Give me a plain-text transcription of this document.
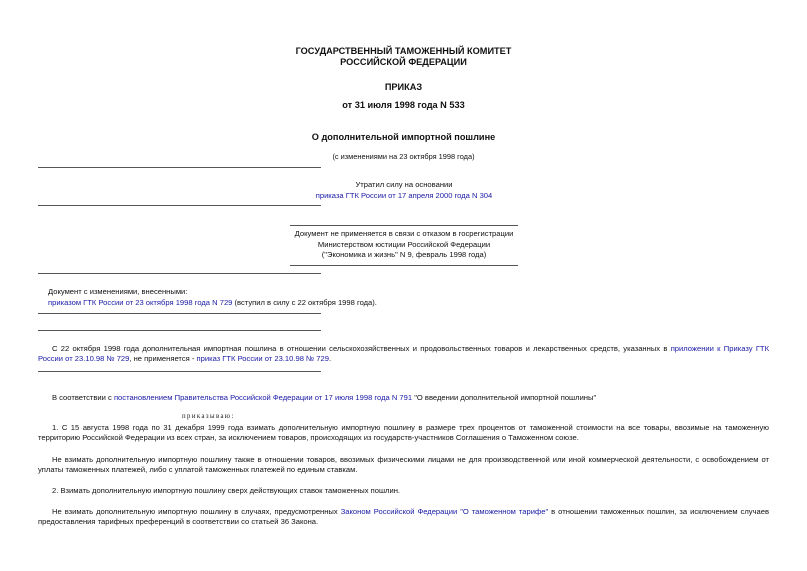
ГОСУДАРСТВЕННЫЙ ТАМОЖЕННЫЙ КОМИТЕТ
РОССИЙСКОЙ ФЕДЕРАЦИИ
ПРИКАЗ
от 31 июля 1998 года N 533
О дополнительной импортной пошлине
(с изменениями на 23 октября 1998 года)
Утратил силу на основании
приказа ГТК России от 17 апреля 2000 года N 304
Документ не применяется в связи с отказом в госрегистрации
Министерством юстиции Российской Федерации
("Экономика и жизнь" N 9, февраль 1998 года)
Документ с изменениями, внесенными:
приказом ГТК России от 23 октября 1998 года N 729 (вступил в силу с 22 октября 1998 года).

С 22 октября 1998 года дополнительная импортная пошлина в отношении сельскохозяйственных и продовольственных товаров и лекарственных средств, указанных в приложении к Приказу ГТК России от 23.10.98 № 729, не применяется - приказ ГТК России от 23.10.98 № 729.

В соответствии с постановлением Правительства Российской Федерации от 17 июля 1998 года N 791 "О введении дополнительной импортной пошлины"

приказываю:

1. С 15 августа 1998 года по 31 декабря 1999 года взимать дополнительную импортную пошлину в размере трех процентов от таможенной стоимости на все товары, ввозимые на таможенную территорию Российской Федерации из всех стран, за исключением товаров, происходящих из государств-участников Соглашения о Таможенном союзе.

Не взимать дополнительную импортную пошлину также в отношении товаров, ввозимых физическими лицами не для производственной или иной коммерческой деятельности, с освобождением от уплаты таможенных платежей, либо с уплатой таможенных платежей по единым ставкам.

2. Взимать дополнительную импортную пошлину сверх действующих ставок таможенных пошлин.

Не взимать дополнительную импортную пошлину в случаях, предусмотренных Законом Российской Федерации "О таможенном тарифе" в отношении таможенных пошлин, за исключением случаев предоставления тарифных преференций в соответствии со статьей 36 Закона.
